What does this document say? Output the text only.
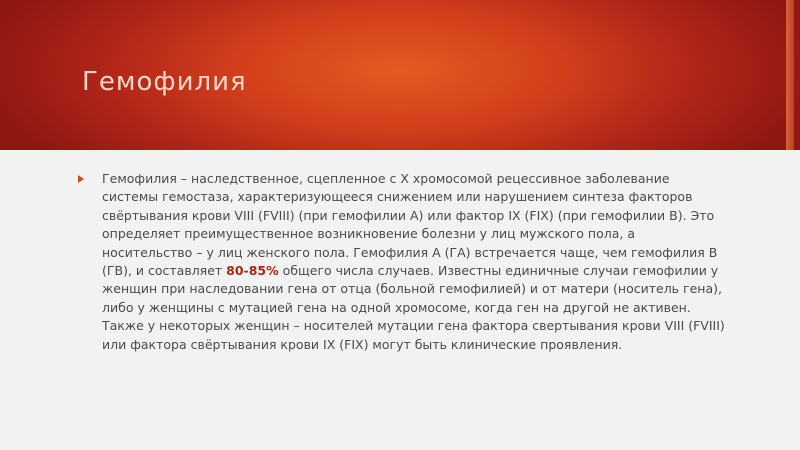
Гемофилия

Гемофилия – наследственное, сцепленное с Х хромосомой рецессивное заболевание системы гемостаза, характеризующееся снижением или нарушением синтеза факторов свёртывания крови VIII (FVIII) (при гемофилии А) или фактор IX (FIX) (при гемофилии В). Это определяет преимущественное возникновение болезни у лиц мужского пола, а носительство – у лиц женского пола. Гемофилия А (ГА) встречается чаще, чем гемофилия В (ГВ), и составляет 80-85% общего числа случаев. Известны единичные случаи гемофилии у женщин при наследовании гена от отца (больной гемофилией) и от матери (носитель гена), либо у женщины с мутацией гена на одной хромосоме, когда ген на другой не активен. Также у некоторых женщин – носителей мутации гена фактора свертывания крови VIII (FVIII) или фактора свёртывания крови IX (FIX) могут быть клинические проявления.
